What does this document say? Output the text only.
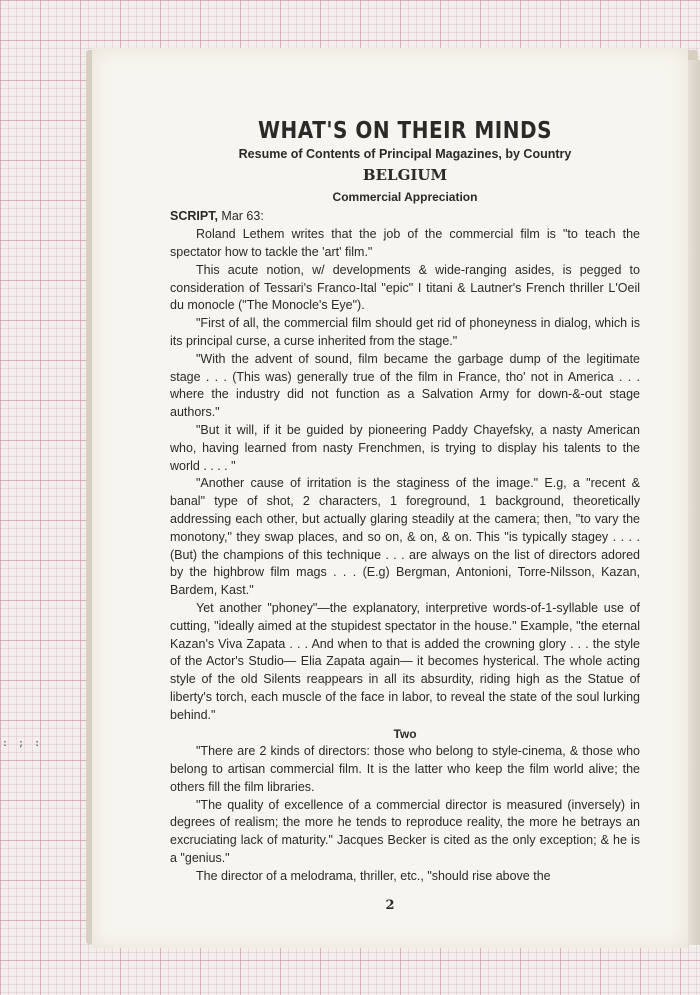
WHAT'S ON THEIR MINDS
Resume of Contents of Principal Magazines, by Country
BELGIUM
Commercial Appreciation

SCRIPT, Mar 63:

Roland Lethem writes that the job of the commercial film is "to teach the spectator how to tackle the 'art' film."

This acute notion, w/ developments & wide-ranging asides, is pegged to consideration of Tessari's Franco-Ital "epic" I titani & Lautner's French thriller L'Oeil du monocle ("The Monocle's Eye").

"First of all, the commercial film should get rid of phoneyness in dialog, which is its principal curse, a curse inherited from the stage."

"With the advent of sound, film became the garbage dump of the legitimate stage . . . (This was) generally true of the film in France, tho' not in America . . . where the industry did not function as a Salvation Army for down-&-out stage authors."

"But it will, if it be guided by pioneering Paddy Chayefsky, a nasty American who, having learned from nasty Frenchmen, is trying to display his talents to the world . . . . "

"Another cause of irritation is the staginess of the image." E.g, a "recent & banal" type of shot, 2 characters, 1 foreground, 1 background, theoretically addressing each other, but actually glaring steadily at the camera; then, "to vary the monotony," they swap places, and so on, & on, & on. This "is typically stagey . . . . (But) the champions of this technique . . . are always on the list of directors adored by the highbrow film mags . . . (E.g) Bergman, Antonioni, Torre-Nilsson, Kazan, Bardem, Kast."

Yet another "phoney"—the explanatory, interpretive words-of-1-syllable use of cutting, "ideally aimed at the stupidest spectator in the house." Example, "the eternal Kazan's Viva Zapata . . . And when to that is added the crowning glory . . . the style of the Actor's Studio— Elia Zapata again— it becomes hysterical. The whole acting style of the old Silents reappears in all its absurdity, riding high as the Statue of liberty's torch, each muscle of the face in labor, to reveal the state of the soul lurking behind."

Two

"There are 2 kinds of directors: those who belong to style-cinema, & those who belong to artisan commercial film. It is the latter who keep the film world alive; the others fill the film libraries.

"The quality of excellence of a commercial director is measured (inversely) in degrees of realism; the more he tends to reproduce reality, the more he betrays an excruciating lack of maturity." Jacques Becker is cited as the only exception; & he is a "genius."

The director of a melodrama, thriller, etc., "should rise above the

2
: ; :
